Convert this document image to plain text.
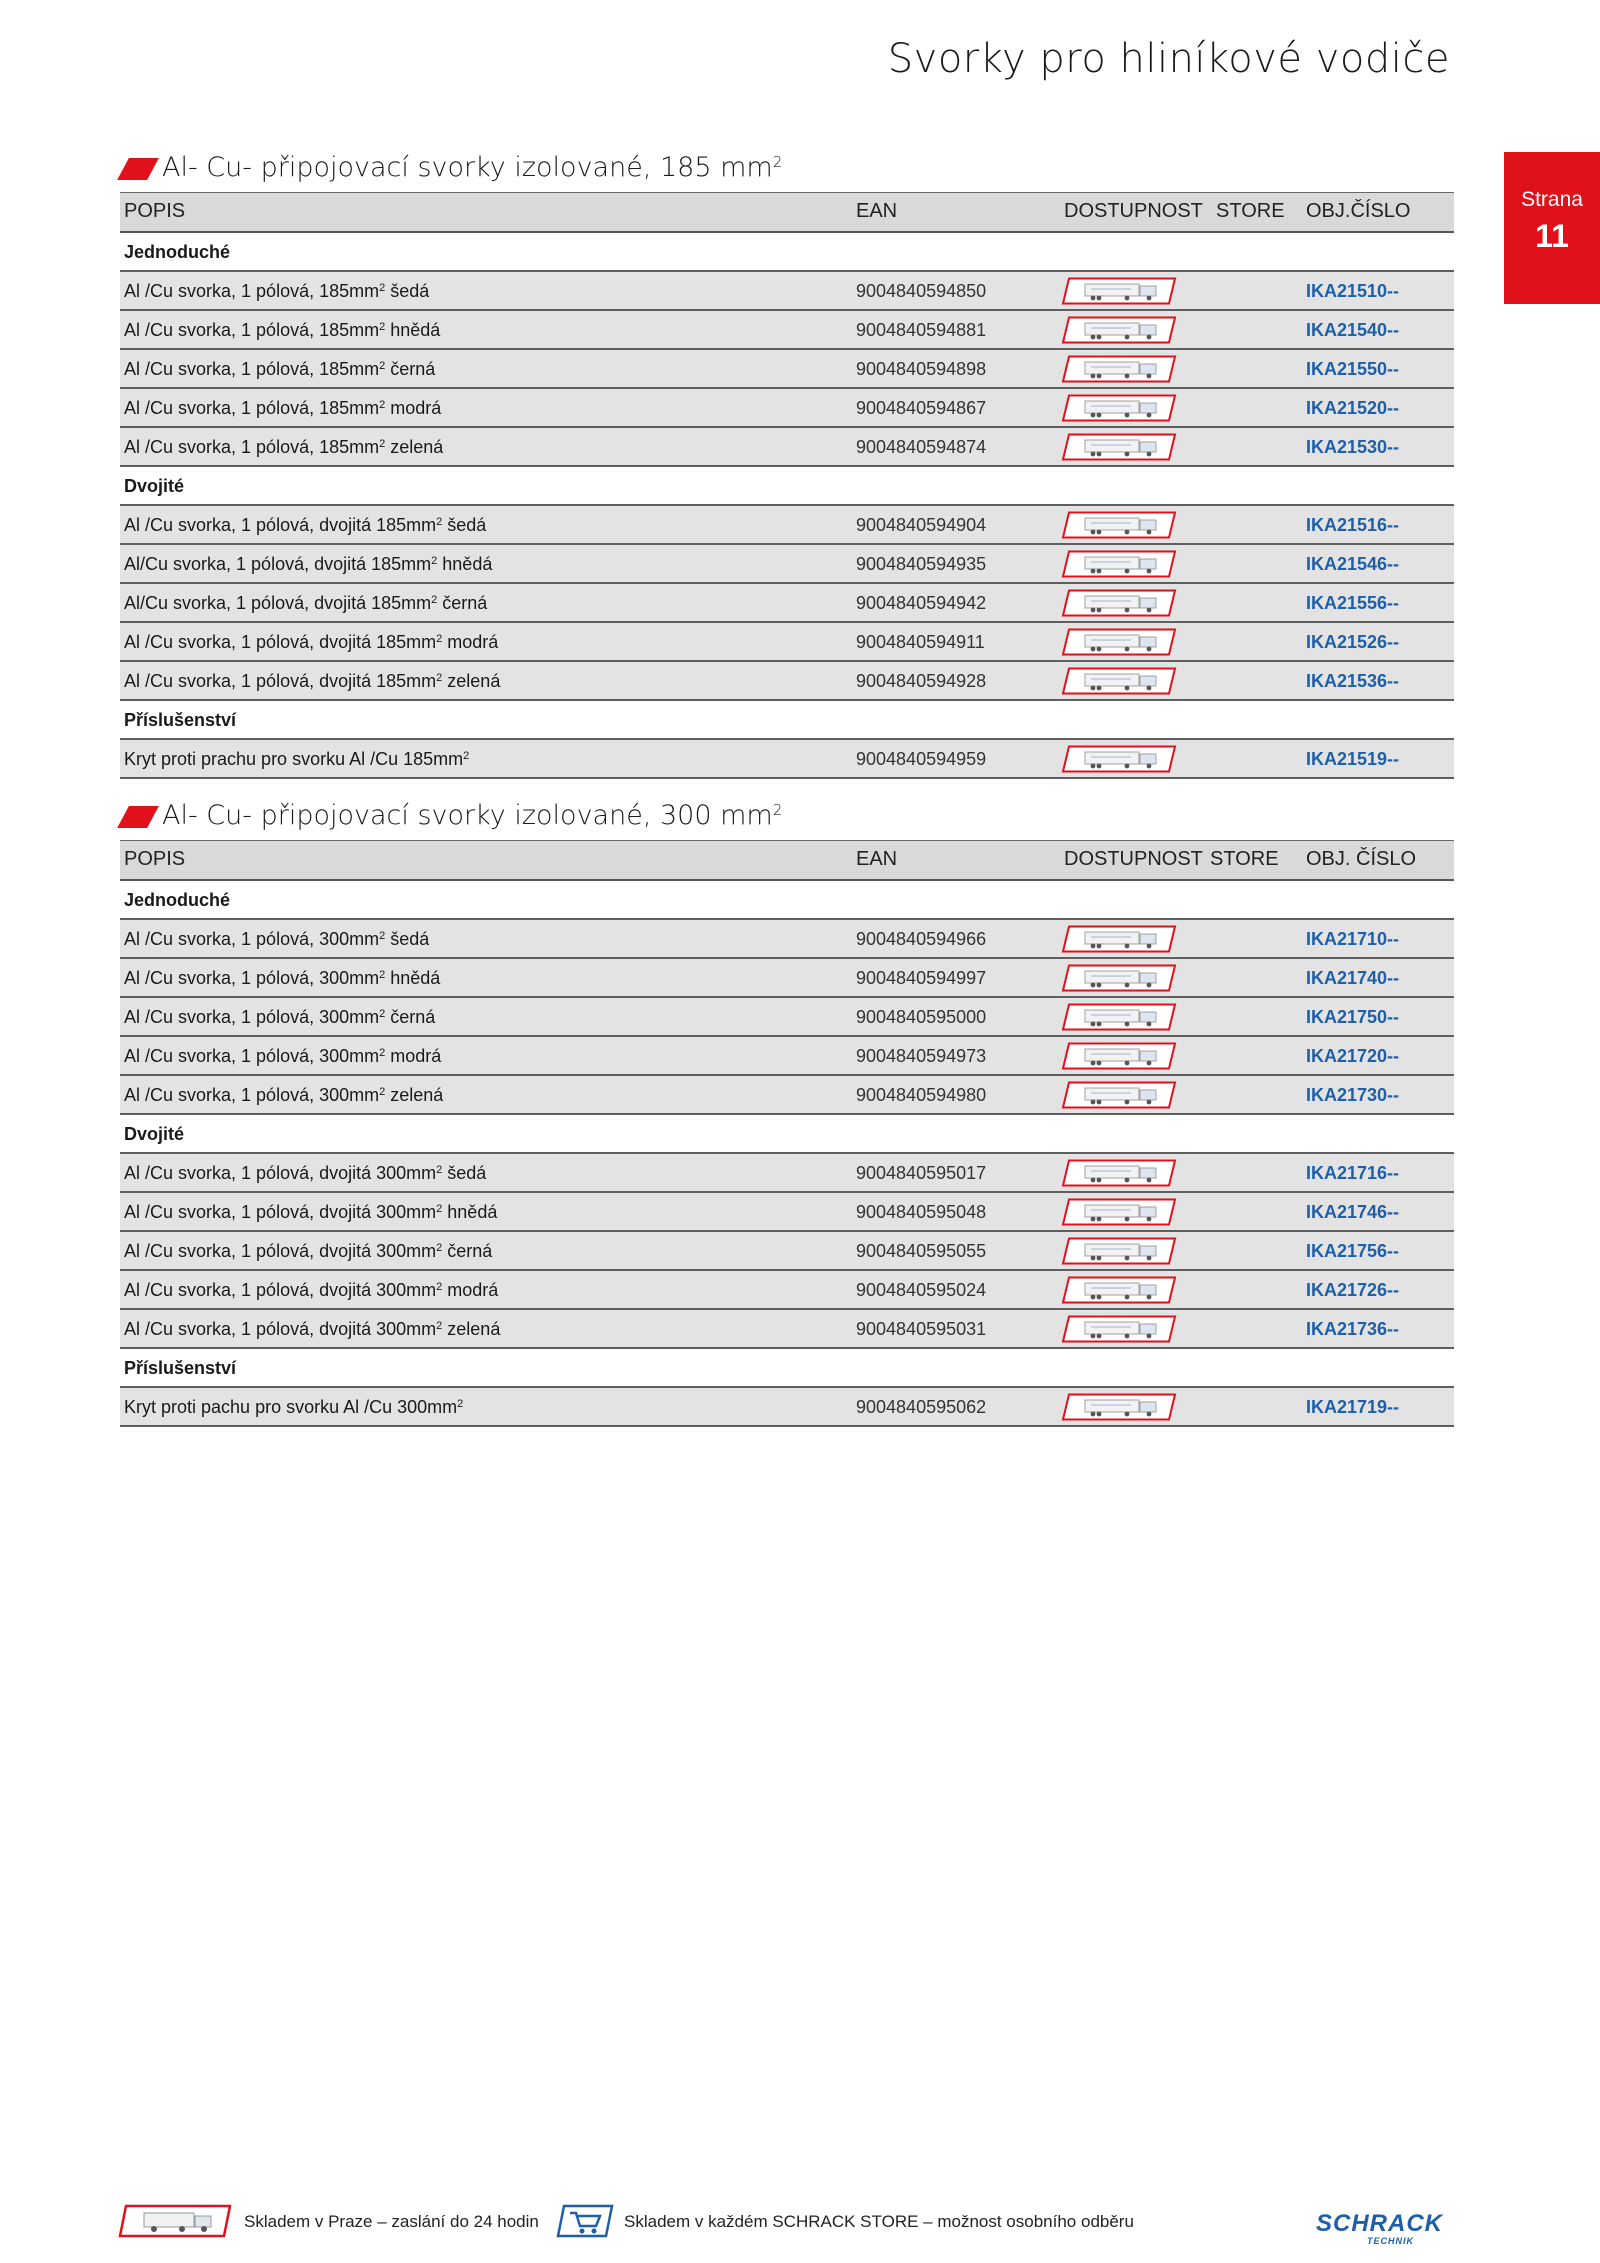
Svorky pro hliníkové vodiče
Strana
11
Al- Cu- připojovací svorky izolované, 185 $mm^2$
POPIS	EAN	DOSTUPNOST STORE OBJ.ČÍSLO
Jednoduché
Al /Cu svorka, 1 pólová, $185mm^2$ šedá	9004840594850	IKA21510--
Al /Cu svorka, 1 pólová, $185mm^2$ hnědá	9004840594881	IKA21540--
Al /Cu svorka, 1 pólová, $185mm^2$ černá	9004840594898	IKA21550--
Al /Cu svorka, 1 pólová, $185mm^2$ modrá	9004840594867	IKA21520--
Al /Cu svorka, 1 pólová, $185mm^2$ zelená	9004840594874	IKA21530--
Dvojité
Al /Cu svorka, 1 pólová, dvojitá $185mm^2$ šedá	9004840594904	IKA21516--
Al/Cu svorka, 1 pólová, dvojitá $185mm^2$ hnědá	9004840594935	IKA21546--
Al/Cu svorka, 1 pólová, dvojitá $185mm^2$ černá	9004840594942	IKA21556--
Al /Cu svorka, 1 pólová, dvojitá $185mm^2$ modrá	9004840594911	IKA21526--
Al /Cu svorka, 1 pólová, dvojitá $185mm^2$ zelená	9004840594928	IKA21536--
Příslušenství
Kryt proti prachu pro svorku Al /Cu $185mm^2$	9004840594959	IKA21519--
Al- Cu- připojovací svorky izolované, 300 $mm^2$
POPIS	EAN	DOSTUPNOST STORE OBJ. ČÍSLO
Jednoduché
Al /Cu svorka, 1 pólová, $300mm^2$ šedá	9004840594966	IKA21710--
Al /Cu svorka, 1 pólová, $300mm^2$ hnědá	9004840594997	IKA21740--
Al /Cu svorka, 1 pólová, $300mm^2$ černá	9004840595000	IKA21750--
Al /Cu svorka, 1 pólová, $300mm^2$ modrá	9004840594973	IKA21720--
Al /Cu svorka, 1 pólová, $300mm^2$ zelená	9004840594980	IKA21730--
Dvojité
Al /Cu svorka, 1 pólová, dvojitá $300mm^2$ šedá	9004840595017	IKA21716--
Al /Cu svorka, 1 pólová, dvojitá $300mm^2$ hnědá	9004840595048	IKA21746--
Al /Cu svorka, 1 pólová, dvojitá $300mm^2$ černá	9004840595055	IKA21756--
Al /Cu svorka, 1 pólová, dvojitá $300mm^2$ modrá	9004840595024	IKA21726--
Al /Cu svorka, 1 pólová, dvojitá $300mm^2$ zelená	9004840595031	IKA21736--
Příslušenství
Kryt proti pachu pro svorku Al /Cu $300mm^2$	9004840595062	IKA21719--
Skladem v Praze – zaslání do 24 hodin	Skladem v každém SCHRACK STORE – možnost osobního odběru	SCHRACK
TECHNIK
